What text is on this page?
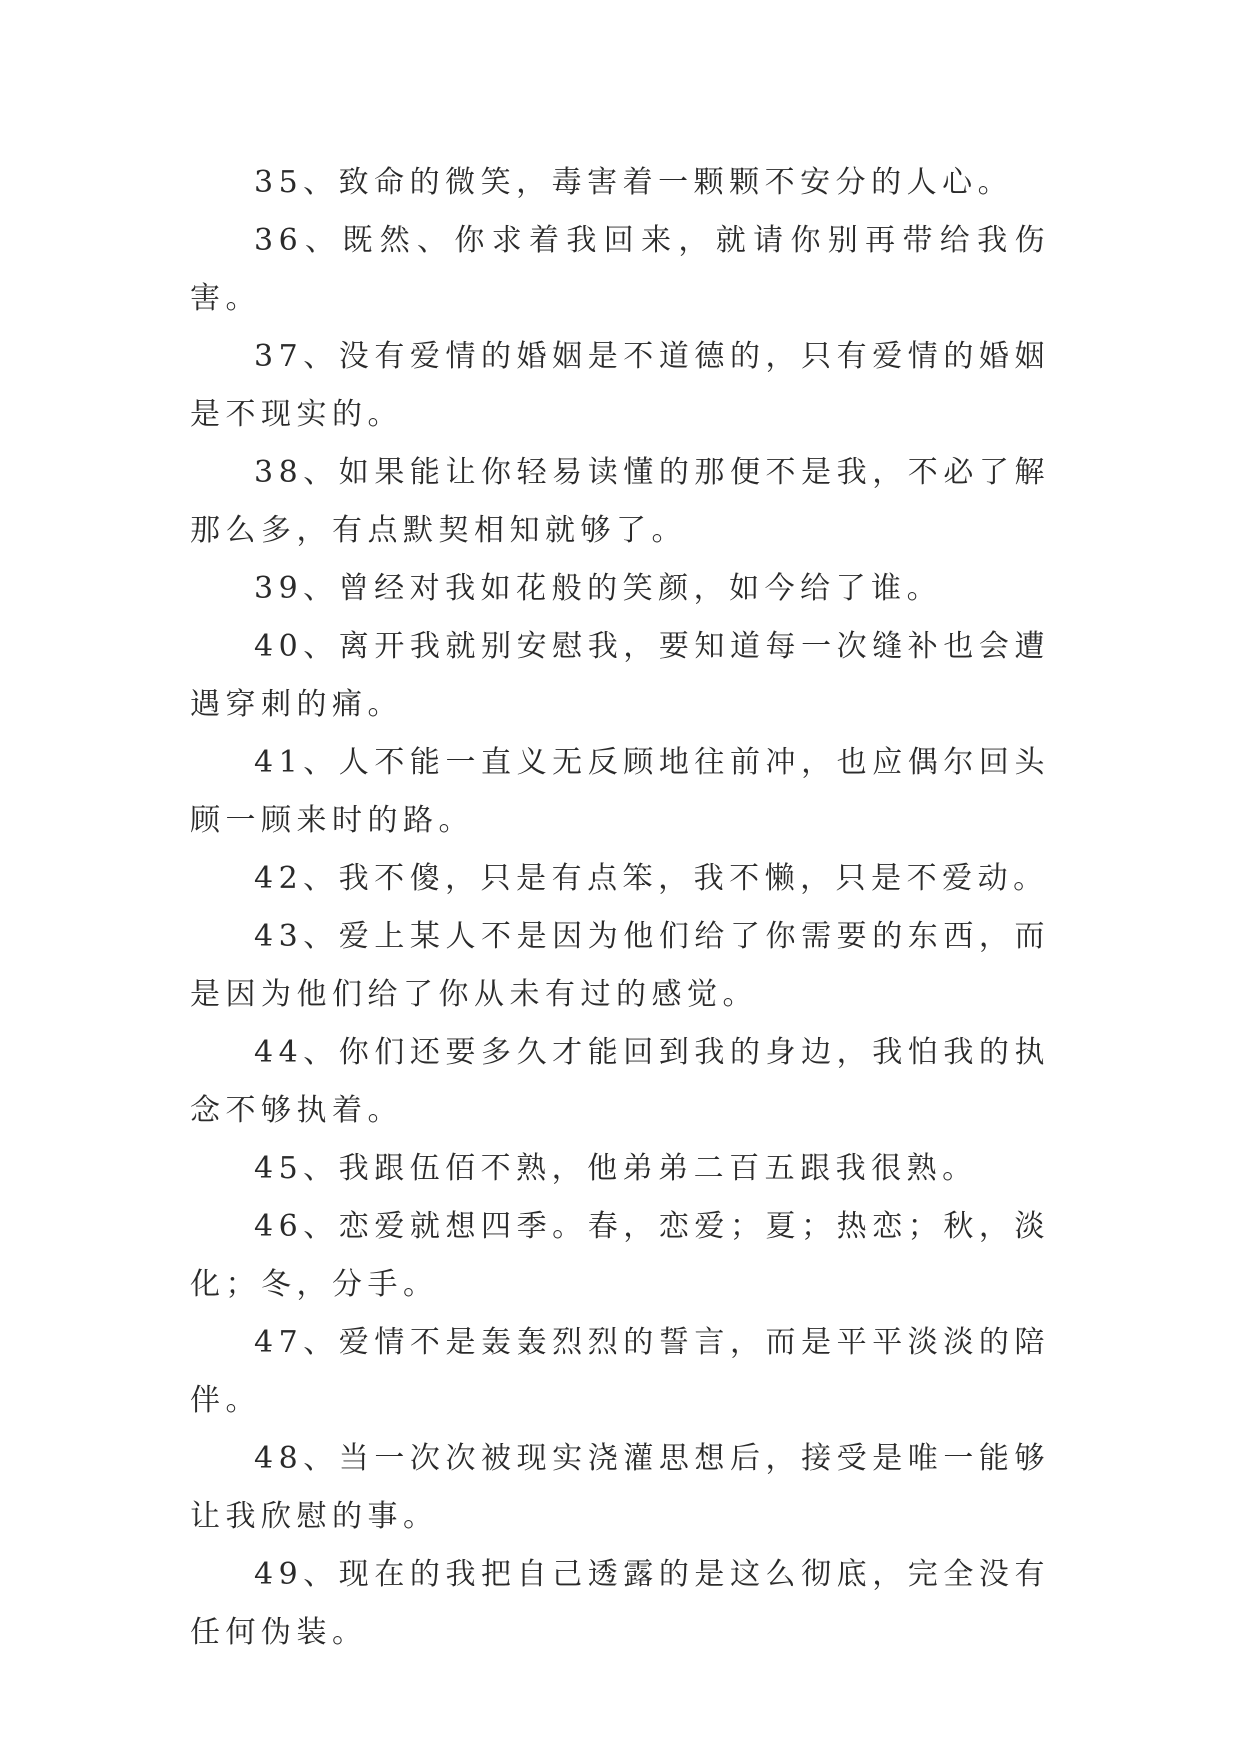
35、致命的微笑，毒害着一颗颗不安分的人心。

36、既然、你求着我回来，就请你别再带给我伤害。

37、没有爱情的婚姻是不道德的，只有爱情的婚姻是不现实的。

38、如果能让你轻易读懂的那便不是我，不必了解那么多，有点默契相知就够了。

39、曾经对我如花般的笑颜，如今给了谁。

40、离开我就别安慰我，要知道每一次缝补也会遭遇穿刺的痛。

41、人不能一直义无反顾地往前冲，也应偶尔回头顾一顾来时的路。

42、我不傻，只是有点笨，我不懒，只是不爱动。

43、爱上某人不是因为他们给了你需要的东西，而是因为他们给了你从未有过的感觉。

44、你们还要多久才能回到我的身边，我怕我的执念不够执着。

45、我跟伍佰不熟，他弟弟二百五跟我很熟。

46、恋爱就想四季。春，恋爱；夏；热恋；秋，淡化；冬，分手。

47、爱情不是轰轰烈烈的誓言，而是平平淡淡的陪伴。

48、当一次次被现实浇灌思想后，接受是唯一能够让我欣慰的事。

49、现在的我把自己透露的是这么彻底，完全没有任何伪装。
